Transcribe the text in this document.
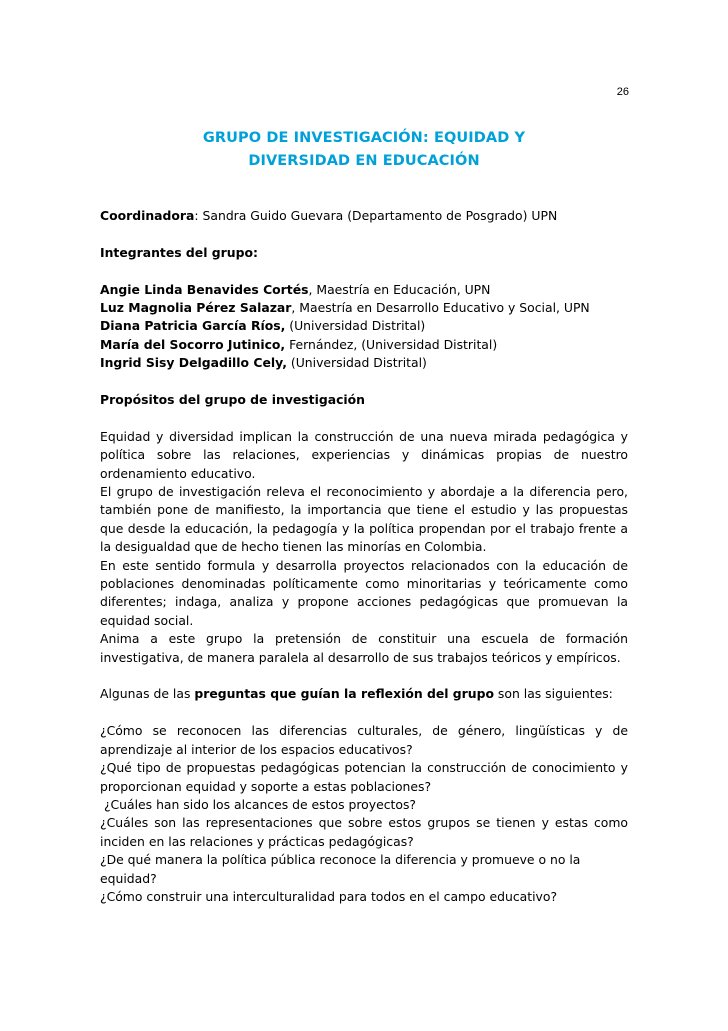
26
GRUPO DE INVESTIGACIÓN: EQUIDAD Y
DIVERSIDAD EN EDUCACIÓN

Coordinadora: Sandra Guido Guevara (Departamento de Posgrado) UPN

Integrantes del grupo:

Angie Linda Benavides Cortés, Maestría en Educación, UPN

Luz Magnolia Pérez Salazar, Maestría en Desarrollo Educativo y Social, UPN

Diana Patricia García Ríos, (Universidad Distrital)

María del Socorro Jutinico, Fernández, (Universidad Distrital)

Ingrid Sisy Delgadillo Cely, (Universidad Distrital)

Propósitos del grupo de investigación

Equidad y diversidad implican la construcción de una nueva mirada pedagógica y política sobre las relaciones, experiencias y dinámicas propias de nuestro ordenamiento educativo.

El grupo de investigación releva el reconocimiento y abordaje a la diferencia pero, también pone de manifiesto, la importancia que tiene el estudio y las propuestas que desde la educación, la pedagogía y la política propendan por el trabajo frente a la desigualdad que de hecho tienen las minorías en Colombia.

En este sentido formula y desarrolla proyectos relacionados con la educación de poblaciones denominadas políticamente como minoritarias y teóricamente como diferentes; indaga, analiza y propone acciones pedagógicas que promuevan la equidad social.

Anima a este grupo la pretensión de constituir una escuela de formación investigativa, de manera paralela al desarrollo de sus trabajos teóricos y empíricos.

Algunas de las preguntas que guían la reflexión del grupo son las siguientes:

¿Cómo se reconocen las diferencias culturales, de género, lingüísticas y de aprendizaje al interior de los espacios educativos?

¿Qué tipo de propuestas pedagógicas potencian la construcción de conocimiento y proporcionan equidad y soporte a estas poblaciones?

¿Cuáles han sido los alcances de estos proyectos?

¿Cuáles son las representaciones que sobre estos grupos se tienen y estas como inciden en las relaciones y prácticas pedagógicas?

¿De qué manera la política pública reconoce la diferencia y promueve o no la equidad?

¿Cómo construir una interculturalidad para todos en el campo educativo?
